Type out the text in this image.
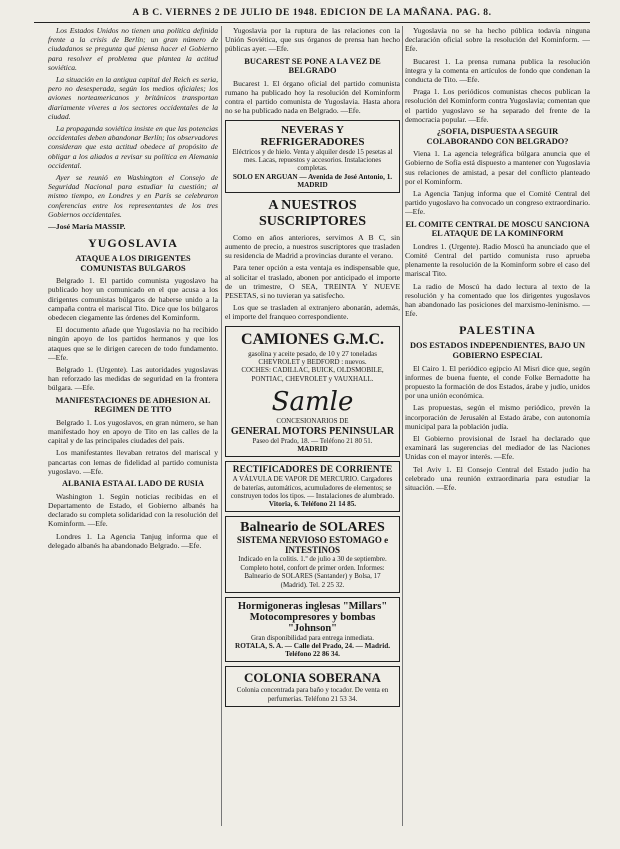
A B C. VIERNES 2 DE JULIO DE 1948. EDICION DE LA MAÑANA. PAG. 8.

Los Estados Unidos no tienen una política definida frente a la crisis de Berlín; un gran número de ciudadanos se pregunta qué piensa hacer el Gobierno para resolver el problema que plantea la actitud soviética.

La situación en la antigua capital del Reich es seria, pero no desesperada, según los medios oficiales; los aviones norteamericanos y británicos transportan diariamente víveres a los sectores occidentales de la ciudad.

La propaganda soviética insiste en que las potencias occidentales deben abandonar Berlín; los observadores consideran que esta actitud obedece al propósito de obligar a los aliados a revisar su política en Alemania occidental.

Ayer se reunió en Washington el Consejo de Seguridad Nacional para estudiar la cuestión; al mismo tiempo, en Londres y en París se celebraron conferencias entre los representantes de los tres Gobiernos occidentales.

—José María MASSIP.
YUGOSLAVIA
ATAQUE A LOS DIRIGENTES COMUNISTAS BULGAROS

Belgrado 1. El partido comunista yugoslavo ha publicado hoy un comunicado en el que acusa a los dirigentes comunistas búlgaros de haberse unido a la campaña contra el mariscal Tito. Dice que los búlgaros obedecen ciegamente las órdenes del Kominform.

El documento añade que Yugoslavia no ha recibido ningún apoyo de los partidos hermanos y que los ataques que se le dirigen carecen de todo fundamento. —Efe.

Belgrado 1. (Urgente). Las autoridades yugoslavas han reforzado las medidas de seguridad en la frontera búlgara. —Efe.

MANIFESTACIONES DE ADHESION AL REGIMEN DE TITO

Belgrado 1. Los yugoslavos, en gran número, se han manifestado hoy en apoyo de Tito en las calles de la capital y de las principales ciudades del país.

Los manifestantes llevaban retratos del mariscal y pancartas con lemas de fidelidad al partido comunista yugoslavo. —Efe.

ALBANIA ESTA AL LADO DE RUSIA

Washington 1. Según noticias recibidas en el Departamento de Estado, el Gobierno albanés ha declarado su completa solidaridad con la resolución del Kominform. —Efe.

Londres 1. La Agencia Tanjug informa que el delegado albanés ha abandonado Belgrado. —Efe.

Yugoslavia por la ruptura de las relaciones con la Unión Soviética, que sus órganos de prensa han hecho públicas ayer. —Efe.

BUCAREST SE PONE A LA VEZ DE BELGRADO

Bucarest 1. El órgano oficial del partido comunista rumano ha publicado hoy la resolución del Kominform contra el partido comunista de Yugoslavia. Hasta ahora no se ha publicado nada en Belgrado. —Efe.

NEVERAS Y REFRIGERADORES
Eléctricos y de hielo. Venta y alquiler desde 15 pesetas al mes. Lacas, repuestos y accesorios. Instalaciones completas.
SOLO EN ARGUAN — Avenida de José Antonio, 1. MADRID
A NUESTROS SUSCRIPTORES

Como en años anteriores, servimos A B C, sin aumento de precio, a nuestros suscriptores que trasladen su residencia de Madrid a provincias durante el verano.

Para tener opción a esta ventaja es indispensable que, al solicitar el traslado, abonen por anticipado el importe de un trimestre, O SEA, TREINTA Y NUEVE PESETAS, si no tuvieran ya satisfecho.

Los que se trasladen al extranjero abonarán, además, el importe del franqueo correspondiente.

CAMIONES G.M.C.
gasolina y aceite pesado, de 10 y 27 toneladas
CHEVROLET y BEDFORD : nuevos.
COCHES: CADILLAC, BUICK, OLDSMOBILE, PONTIAC, CHEVROLET y VAUXHALL.
Samle
CONCESIONARIOS DE
GENERAL MOTORS PENINSULAR
Paseo del Prado, 18. — Teléfono 21 80 51.
MADRID
RECTIFICADORES DE CORRIENTE
A VÁLVULA DE VAPOR DE MERCURIO. Cargadores de baterías, automáticos, acumuladores de elementos; se construyen todos los tipos. — Instalaciones de alumbrado.
Vitoria, 6. Teléfono 21 14 85.
Balneario de SOLARES
SISTEMA NERVIOSO ESTOMAGO e INTESTINOS
Indicado en la colitis. 1.º de julio a 30 de septiembre. Completo hotel, confort de primer orden. Informes: Balneario de SOLARES (Santander) y Bolsa, 17 (Madrid). Tel. 2 25 32.
Hormigoneras inglesas "Millars"
Motocompresores y bombas "Johnson"
Gran disponibilidad para entrega inmediata.
ROTALA, S. A. — Calle del Prado, 24. — Madrid. Teléfono 22 86 34.
COLONIA SOBERANA
Colonia concentrada para baño y tocador. De venta en perfumerías. Teléfono 21 53 34.

Yugoslavia no se ha hecho pública todavía ninguna declaración oficial sobre la resolución del Kominform. —Efe.

Bucarest 1. La prensa rumana publica la resolución íntegra y la comenta en artículos de fondo que condenan la conducta de Tito. —Efe.

Praga 1. Los periódicos comunistas checos publican la resolución del Kominform contra Yugoslavia; comentan que el partido yugoslavo se ha separado del frente de la democracia popular. —Efe.

¿SOFIA, DISPUESTA A SEGUIR COLABORANDO CON BELGRADO?

Viena 1. La agencia telegráfica búlgara anuncia que el Gobierno de Sofía está dispuesto a mantener con Yugoslavia sus relaciones de amistad, a pesar del conflicto planteado por el Kominform.

La Agencia Tanjug informa que el Comité Central del partido yugoslavo ha convocado un congreso extraordinario. —Efe.

EL COMITE CENTRAL DE MOSCU SANCIONA EL ATAQUE DE LA KOMINFORM

Londres 1. (Urgente). Radio Moscú ha anunciado que el Comité Central del partido comunista ruso aprueba plenamente la resolución de la Kominform sobre el caso del mariscal Tito.

La radio de Moscú ha dado lectura al texto de la resolución y ha comentado que los dirigentes yugoslavos han abandonado las posiciones del marxismo-leninismo. —Efe.

PALESTINA
DOS ESTADOS INDEPENDIENTES, BAJO UN GOBIERNO ESPECIAL

El Cairo 1. El periódico egipcio Al Misri dice que, según informes de buena fuente, el conde Folke Bernadotte ha propuesto la formación de dos Estados, árabe y judío, unidos por una unión económica.

Las propuestas, según el mismo periódico, prevén la incorporación de Jerusalén al Estado árabe, con autonomía municipal para la población judía.

El Gobierno provisional de Israel ha declarado que examinará las sugerencias del mediador de las Naciones Unidas con el mayor interés. —Efe.

Tel Aviv 1. El Consejo Central del Estado judío ha celebrado una reunión extraordinaria para estudiar la situación. —Efe.
